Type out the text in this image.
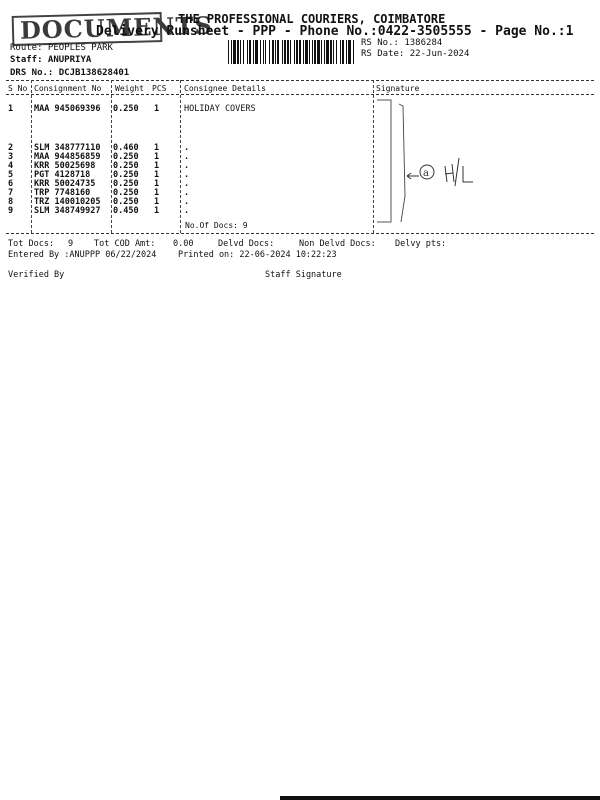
DOCUMENTS
THE PROFESSIONAL COURIERS, COIMBATORE
Delivery Runsheet - PPP - Phone No.:0422-3505555 - Page No.:1
Route: PEOPLES PARK
Staff: ANUPRIYA
DRS No.: DCJB138628401
RS No.: 1386284
RS Date: 22-Jun-2024
S No Consignment No Weight PCS Consignee Details	Signature
1 MAA 945069396 0.250 1	HOLIDAY COVERS
2 SLM 348777110 0.460 1	.
3 MAA 944856859 0.250 1	.
4 KRR 50025698 0.250 1	.
5 PGT 4128718	0.250 1	.
6 KRR 50024735 0.250 1	.
7 TRP 7748160	0.250 1	.
8 TRZ 140010205 0.250 1	.
9 SLM 348749927 0.450 1	.
No.Of Docs: 9
a
Tot Docs: 9 Tot COD Amt: 0.00	Delvd Docs:	Non Delvd Docs: Delvy pts:
Entered By :ANUPPP 06/22/2024	Printed on: 22-06-2024 10:22:23
Verified By	Staff Signature
